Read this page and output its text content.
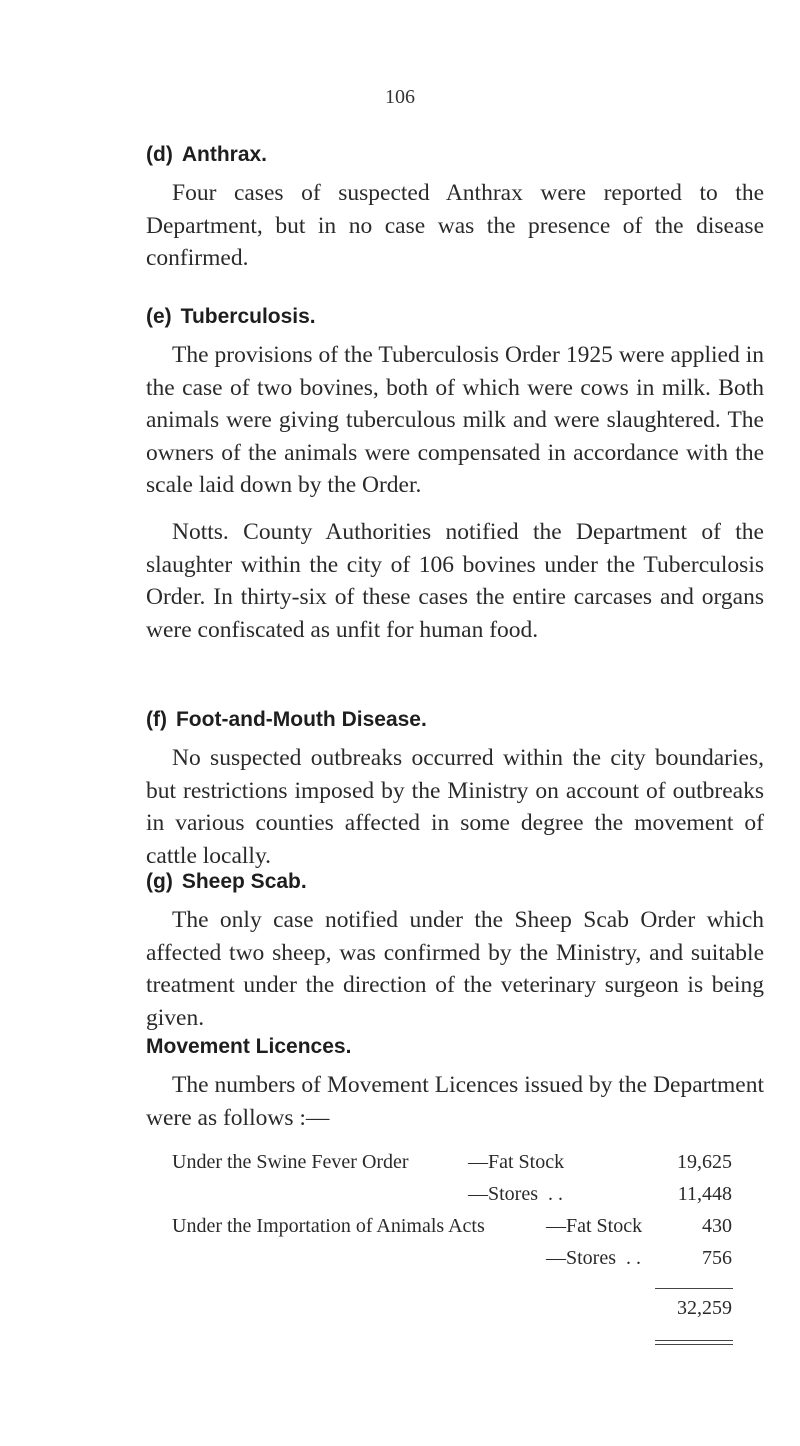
106
(d) Anthrax.

Four cases of suspected Anthrax were reported to the Department, but in no case was the presence of the disease confirmed.

(e) Tuberculosis.

The provisions of the Tuberculosis Order 1925 were applied in the case of two bovines, both of which were cows in milk. Both animals were giving tuberculous milk and were slaughtered. The owners of the animals were compensated in accordance with the scale laid down by the Order.

Notts. County Authorities notified the Department of the slaughter within the city of 106 bovines under the Tuberculosis Order. In thirty-six of these cases the entire carcases and organs were confiscated as unfit for human food.

(f) Foot-and-Mouth Disease.

No suspected outbreaks occurred within the city boundaries, but restrictions imposed by the Ministry on account of outbreaks in various counties affected in some degree the movement of cattle locally.

(g) Sheep Scab.

The only case notified under the Sheep Scab Order which affected two sheep, was confirmed by the Ministry, and suitable treatment under the direction of the veterinary surgeon is being given.

Movement Licences.

The numbers of Movement Licences issued by the Department were as follows :—

Under the Swine Fever Order	—Fat Stock	19,625
—Stores  . .	11,448
Under the Importation of Animals Acts	—Fat Stock	430
—Stores  . .	756
32,259
